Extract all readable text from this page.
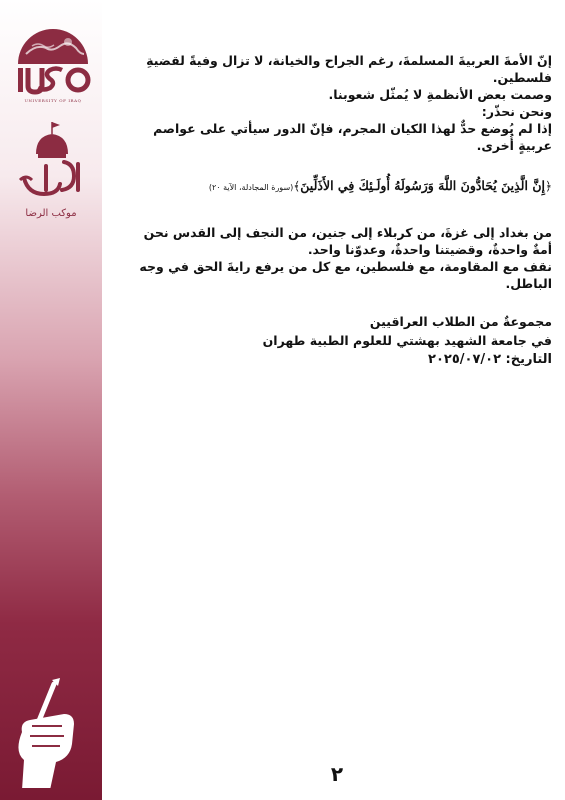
UNIVERSITY OF IRAQ
موكب الرضا

إنّ الأمةَ العربيةَ المسلمةَ، رغم الجراح والخيانة، لا تزال وفيةً لقضيةِ
فلسطين.
وصمت بعض الأنظمةِ لا يُمثّل شعوبنا.
ونحن نحذّر:
إذا لم يُوضع حدٌّ لهذا الكيان المجرم، فإنّ الدور سيأتي على عواصم
عربيةٍ أُخرى.

﴿إِنَّ الَّذِينَ يُحَادُّونَ اللَّهَ وَرَسُولَهُ أُولَـئِكَ فِي الأَذَلِّينَ﴾(سورة المجادلة، الآية ٢٠)

من بغداد إلى غزةَ، من كربلاء إلى جنين، من النجف إلى القدس نحن
أمةٌ واحدةٌ، وقضيتنا واحدةٌ، وعدوّنا واحد.
نقف مع المقاومة، مع فلسطين، مع كل من يرفع رايةَ الحق في وجه
الباطل.

مجموعةٌ من الطلاب العراقيين
في جامعة الشهيد بهشتي للعلوم الطبية طهران
التاريخ: ٢٠٢٥/٠٧/٠٢
٢
